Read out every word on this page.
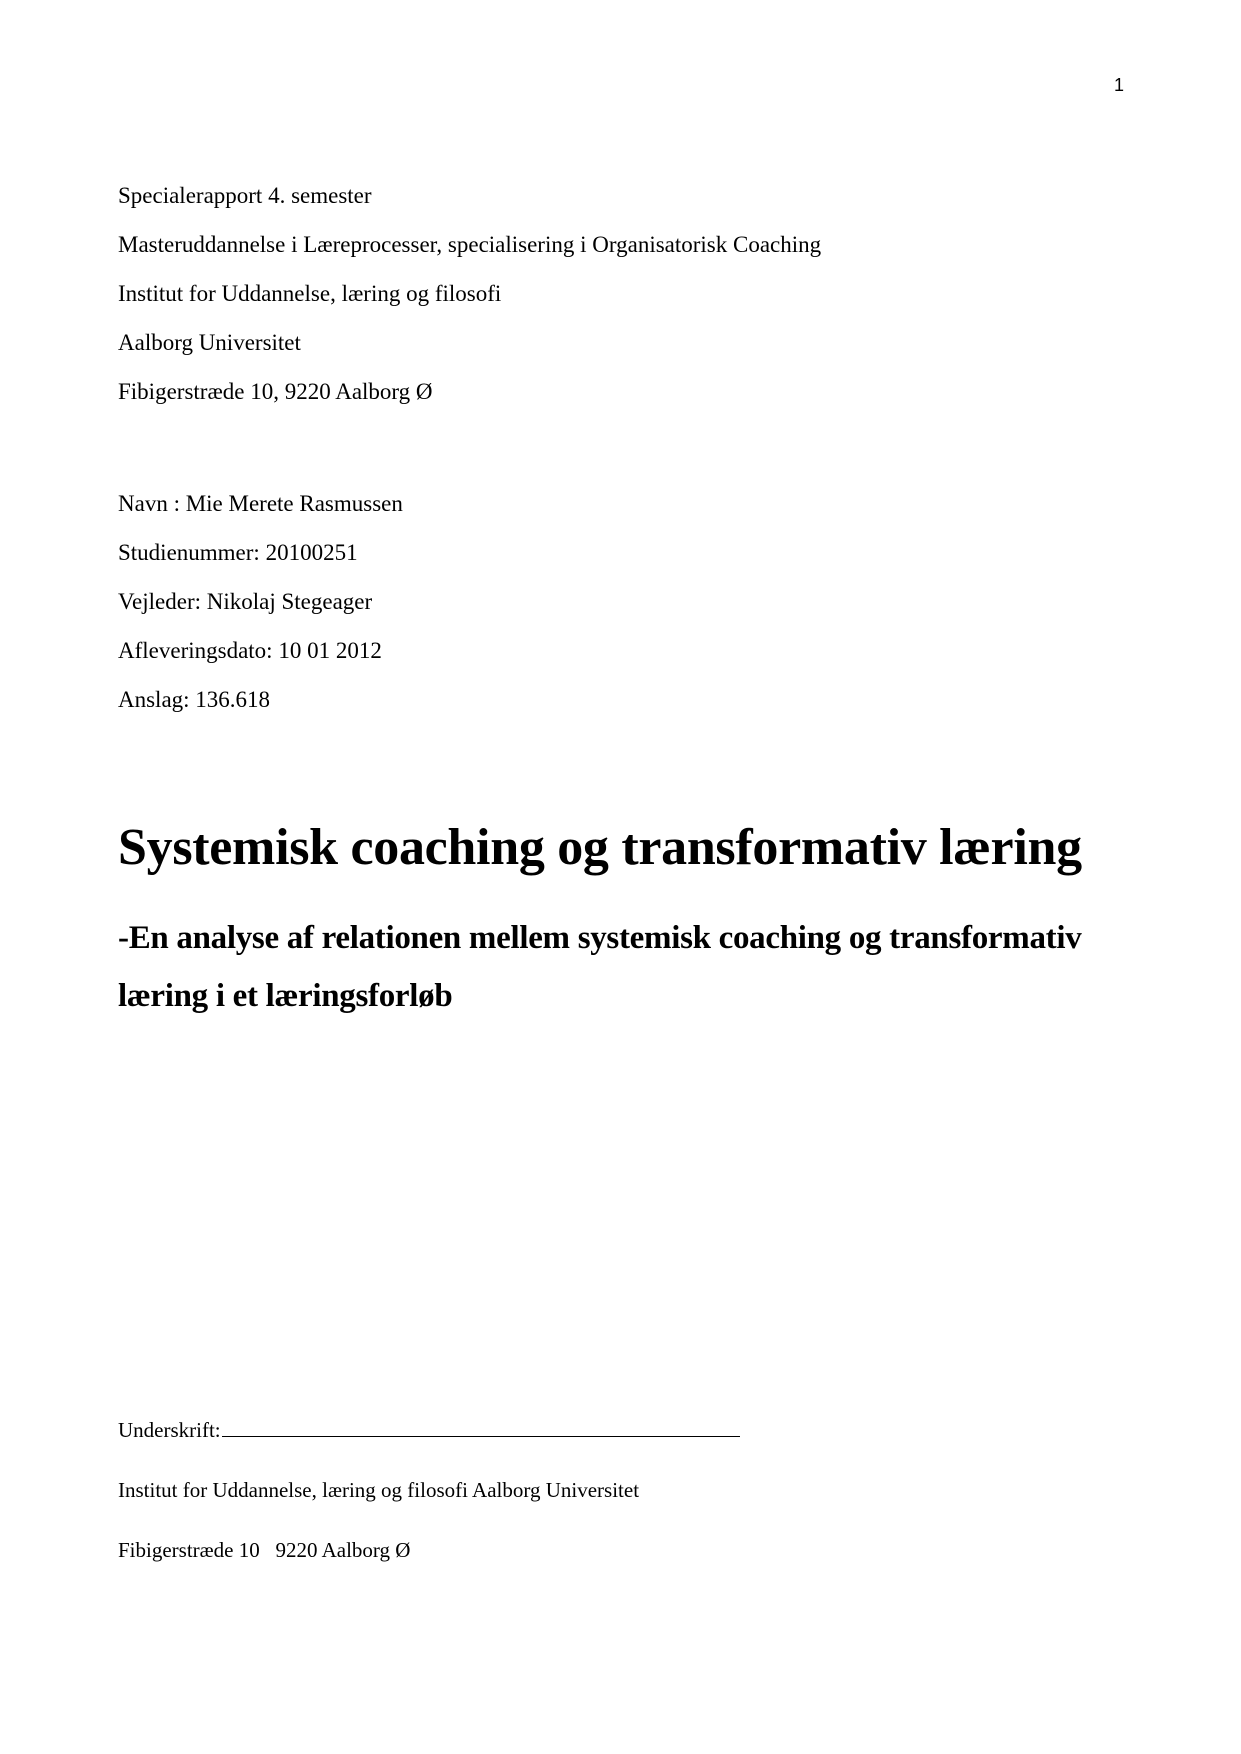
1
Specialerapport 4. semester
Masteruddannelse i Læreprocesser, specialisering i Organisatorisk Coaching
Institut for Uddannelse, læring og filosofi
Aalborg Universitet
Fibigerstræde 10, 9220 Aalborg Ø
Navn : Mie Merete Rasmussen
Studienummer: 20100251
Vejleder: Nikolaj Stegeager
Afleveringsdato: 10 01 2012
Anslag: 136.618
Systemisk coaching og transformativ læring
-En analyse af relationen mellem systemisk coaching og transformativ
læring i et læringsforløb
Underskrift:
Institut for Uddannelse, læring og filosofi Aalborg Universitet
Fibigerstræde 10   9220 Aalborg Ø
